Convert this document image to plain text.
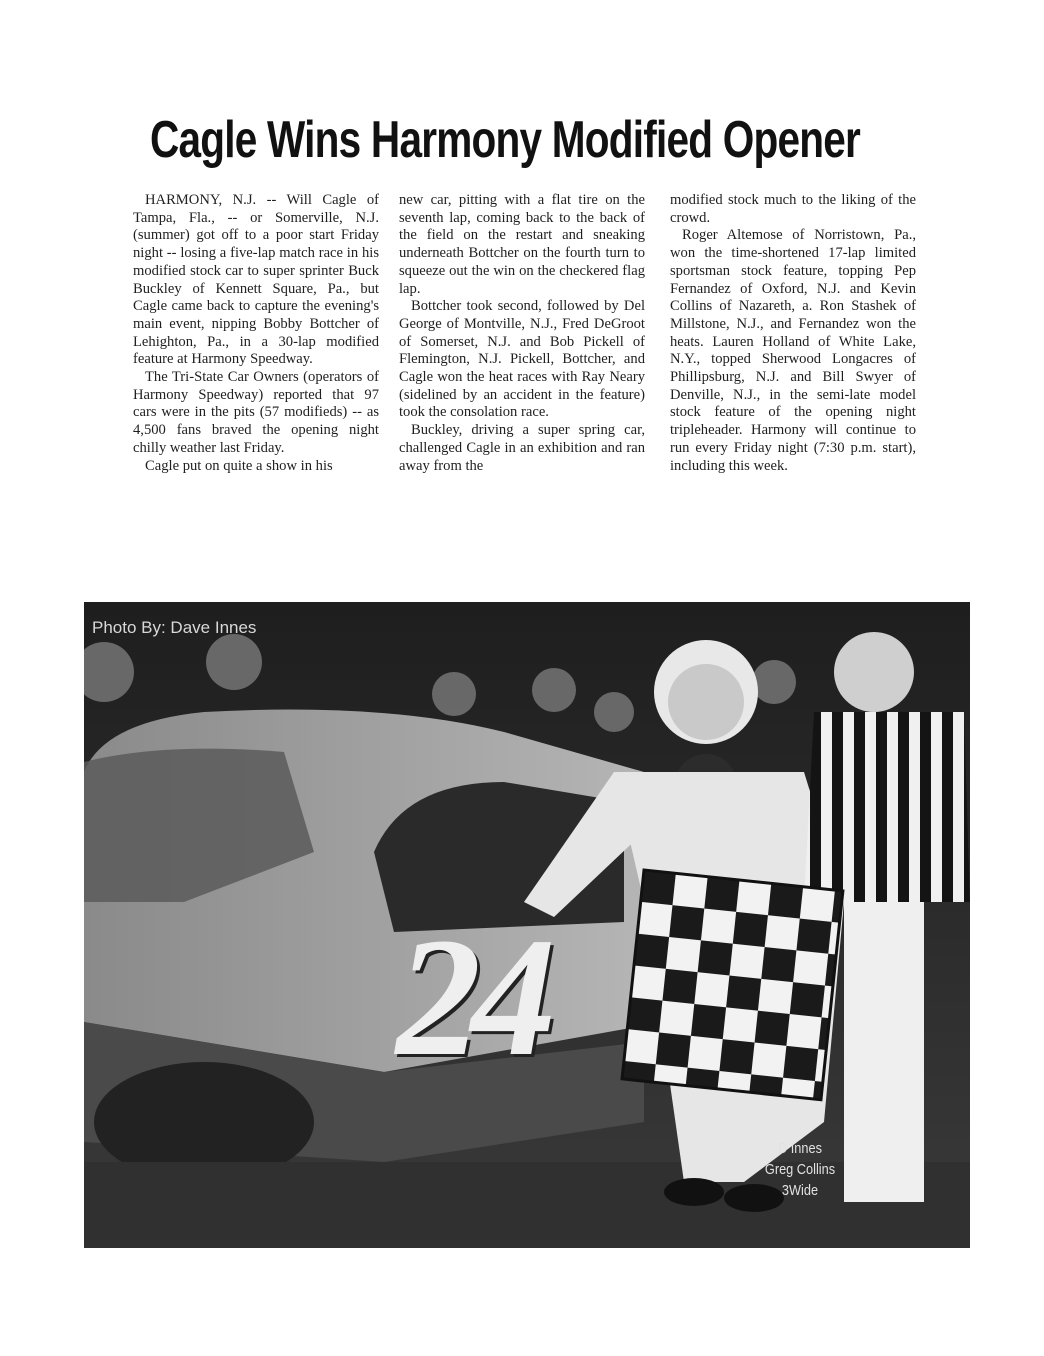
Cagle Wins Harmony Modified Opener

HARMONY, N.J. -- Will Cagle of Tampa, Fla., -- or Somerville, N.J. (summer) got off to a poor start Friday night -- losing a five-lap match race in his modified stock car to super sprinter Buck Buckley of Kennett Square, Pa., but Cagle came back to capture the evening's main event, nipping Bobby Bottcher of Lehighton, Pa., in a 30-lap modified feature at Harmony Speedway.

The Tri-State Car Owners (operators of Harmony Speedway) reported that 97 cars were in the pits (57 modifieds) -- as 4,500 fans braved the opening night chilly weather last Friday.

Cagle put on quite a show in his

new car, pitting with a flat tire on the seventh lap, coming back to the back of the field on the restart and sneaking underneath Bottcher on the fourth turn to squeeze out the win on the checkered flag lap.

Bottcher took second, followed by Del George of Montville, N.J., Fred DeGroot of Somerset, N.J. and Bob Pickell of Flemington, N.J. Pickell, Bottcher, and Cagle won the heat races with Ray Neary (sidelined by an accident in the feature) took the consolation race.

Buckley, driving a super spring car, challenged Cagle in an exhibition and ran away from the

modified stock much to the liking of the crowd.

Roger Altemose of Norristown, Pa., won the time-shortened 17-lap limited sportsman stock feature, topping Pep Fernandez of Oxford, N.J. and Kevin Collins of Nazareth, a. Ron Stashek of Millstone, N.J., and Fernandez won the heats. Lauren Holland of White Lake, N.Y., topped Sherwood Longacres of Phillipsburg, N.J. and Bill Swyer of Denville, N.J., in the semi-late model stock feature of the opening night tripleheader. Harmony will continue to run every Friday night (7:30 p.m. start), including this week.

24
Photo By: Dave Innes
D Innes
Greg Collins
3Wide
